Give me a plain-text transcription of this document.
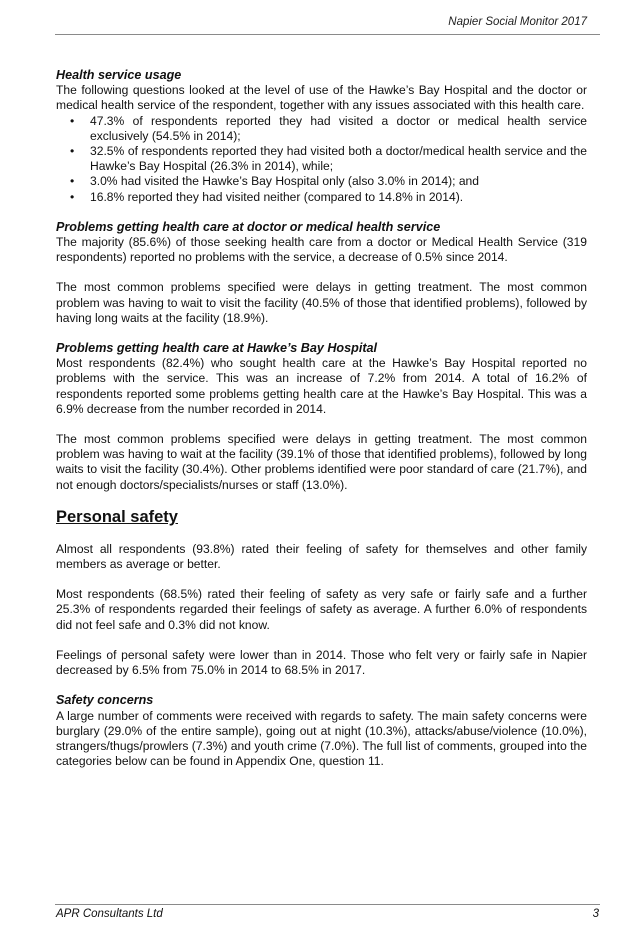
Napier Social Monitor 2017
Health service usage

The following questions looked at the level of use of the Hawke’s Bay Hospital and the doctor or medical health service of the respondent, together with any issues associated with this health care.

• 47.3% of respondents reported they had visited a doctor or medical health service exclusively (54.5% in 2014);
• 32.5% of respondents reported they had visited both a doctor/medical health service and the Hawke’s Bay Hospital (26.3% in 2014), while;
• 3.0% had visited the Hawke’s Bay Hospital only (also 3.0% in 2014); and
• 16.8% reported they had visited neither (compared to 14.8% in 2014).
Problems getting health care at doctor or medical health service

The majority (85.6%) of those seeking health care from a doctor or Medical Health Service (319 respondents) reported no problems with the service, a decrease of 0.5% since 2014.

The most common problems specified were delays in getting treatment. The most common problem was having to wait to visit the facility (40.5% of those that identified problems), followed by having long waits at the facility (18.9%).

Problems getting health care at Hawke’s Bay Hospital

Most respondents (82.4%) who sought health care at the Hawke’s Bay Hospital reported no problems with the service. This was an increase of 7.2% from 2014. A total of 16.2% of respondents reported some problems getting health care at the Hawke’s Bay Hospital. This was a 6.9% decrease from the number recorded in 2014.

The most common problems specified were delays in getting treatment. The most common problem was having to wait at the facility (39.1% of those that identified problems), followed by long waits to visit the facility (30.4%). Other problems identified were poor standard of care (21.7%), and not enough doctors/specialists/nurses or staff (13.0%).

Personal safety

Almost all respondents (93.8%) rated their feeling of safety for themselves and other family members as average or better.

Most respondents (68.5%) rated their feeling of safety as very safe or fairly safe and a further 25.3% of respondents regarded their feelings of safety as average. A further 6.0% of respondents did not feel safe and 0.3% did not know.

Feelings of personal safety were lower than in 2014. Those who felt very or fairly safe in Napier decreased by 6.5% from 75.0% in 2014 to 68.5% in 2017.

Safety concerns

A large number of comments were received with regards to safety. The main safety concerns were burglary (29.0% of the entire sample), going out at night (10.3%), attacks/abuse/violence (10.0%), strangers/thugs/prowlers (7.3%) and youth crime (7.0%). The full list of comments, grouped into the categories below can be found in Appendix One, question 11.

APR Consultants Ltd	3
